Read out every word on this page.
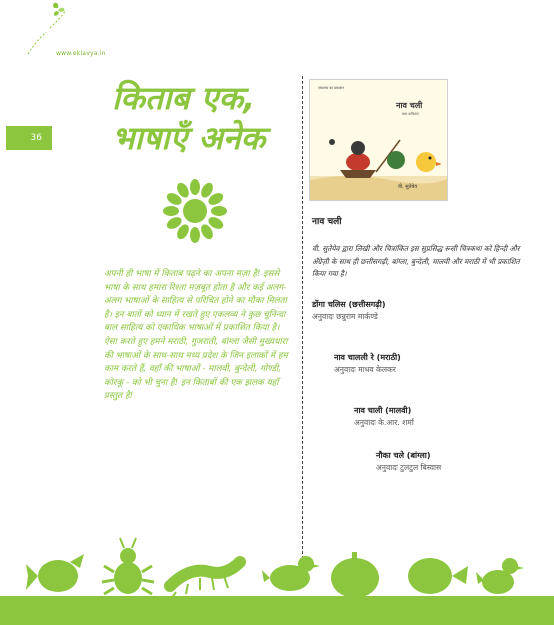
www.eklavya.in
36
किताब एक,
भाषाएँ अनेक

अपनी ही भाषा में किताब पढ़ने का अपना मज़ा है! इससे भाषा के साथ हमारा रिश्ता मज़बूत होता है और कई अलग-अलग भाषाओं के साहित्य से परिचित होने का मौका मिलता है। इन बातों को ध्यान में रखते हुए एकलव्य ने कुछ चुनिन्दा बाल साहित्य को एकाधिक भाषाओं में प्रकाशित किया है। ऐसा करते हुए हमने मराठी, गुजराती, बांग्ला जैसी मुख्यधारा की भाषाओं के साथ-साथ मध्य प्रदेश के जिन इलाकों में हम काम करते हैं, वहाँ की भाषाओं - मालवी, बुन्देली, गोण्डी, कोरकू - को भी चुना है! इन किताबों की एक झलक यहाँ प्रस्तुत है!

एकलव्य का प्रकाशन
नाव चली
बाल कविताएं
वी. सुतेयेव
नाव चली

वी. सुतेयेव द्वारा लिखी और चित्रांकित इस सुप्रसिद्ध रूसी चित्रकथा को हिन्दी और अँग्रेज़ी के साथ ही छत्तीसगढ़ी, बांग्ला, बुन्देली, मालवी और मराठी में भी प्रकाशित किया गया है।

डोंगा चलिस (छत्तीसगढ़ी)
अनुवादः छन्नुराम मार्कण्डे
नाव चालली रे (मराठी)
अनुवादः माधव केलकर
नाव चाली (मालवी)
अनुवादः के.आर. शर्मा
नौका चले (बांग्ला)
अनुवादः टुलटुल बिस्वास
